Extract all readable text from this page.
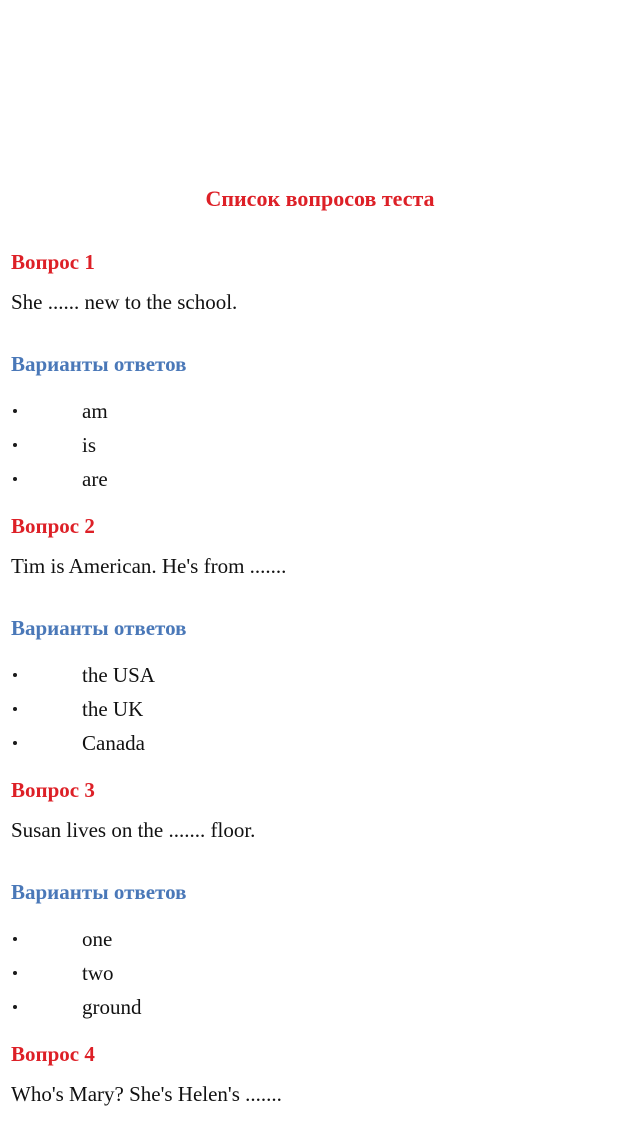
Список вопросов теста
Вопрос 1

She ...... new to the school.

Варианты ответов
am
is
are
Вопрос 2

Tim is American. He's from .......

Варианты ответов
the USA
the UK
Canada
Вопрос 3

Susan lives on the ....... floor.

Варианты ответов
one
two
ground
Вопрос 4

Who's Mary? She's Helen's .......
